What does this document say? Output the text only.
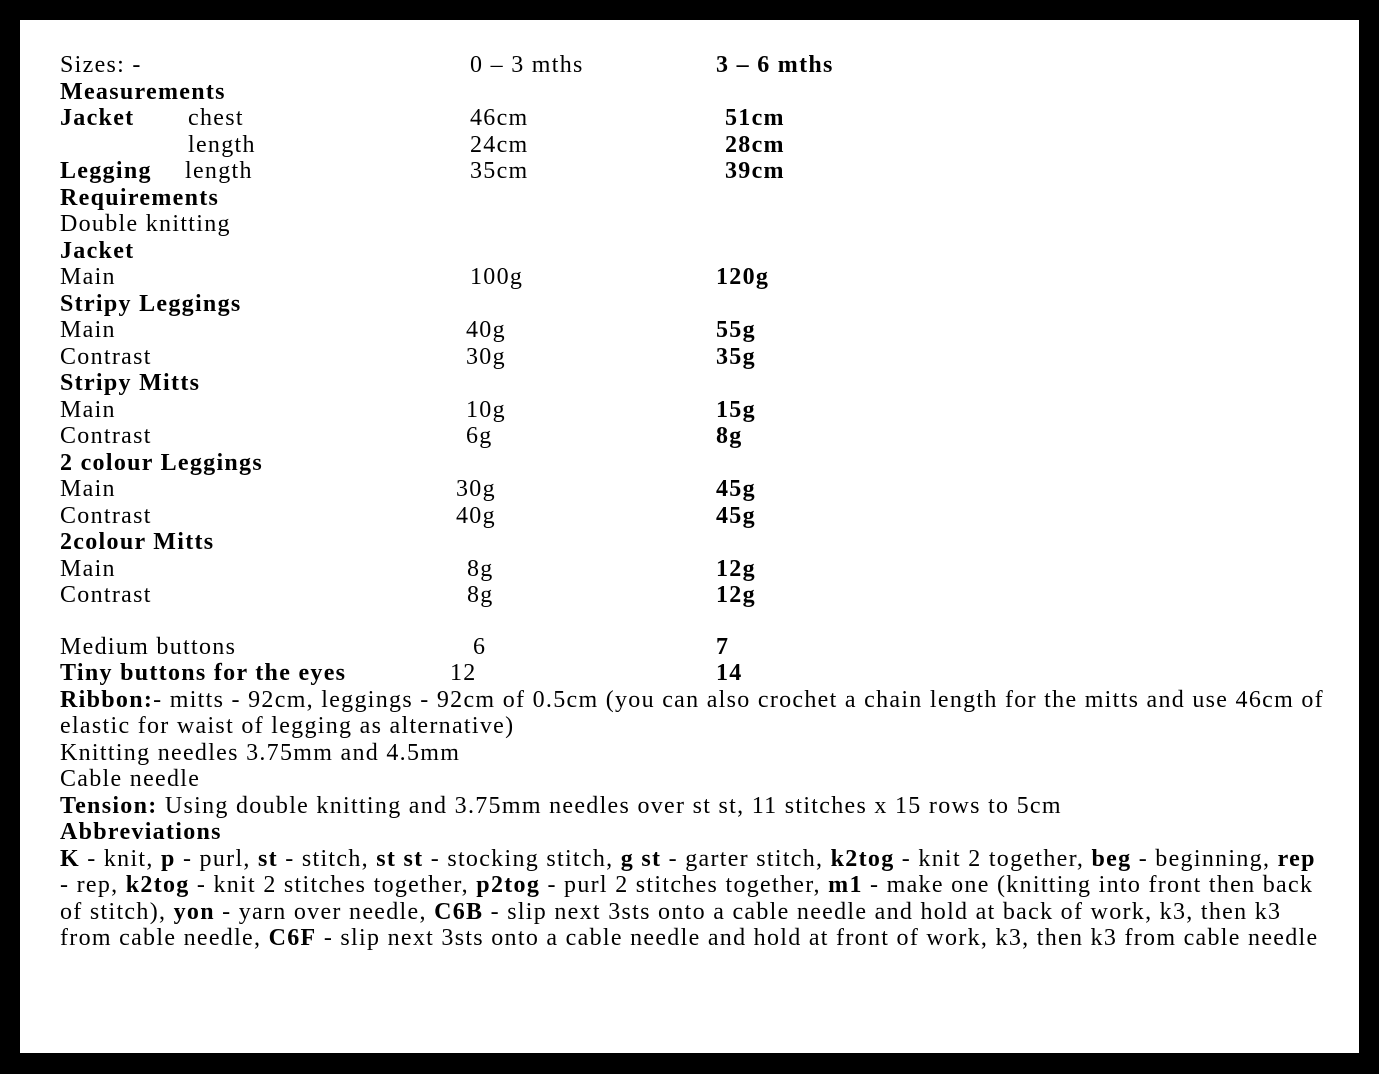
Sizes: -	0 – 3 mths	3 – 6 mths
Measurements
Jacket chest	46cm	51cm
length	24cm	28cm
Legging length	35cm	39cm
Requirements
Double knitting
Jacket
Main	100g	120g
Stripy Leggings
Main	40g	55g
Contrast	30g	35g
Stripy Mitts
Main	10g	15g
Contrast	6g	8g
2 colour Leggings
Main	30g	45g
Contrast	40g	45g
2colour Mitts
Main	8g	12g
Contrast	8g	12g
Medium buttons	6	7
Tiny buttons for the eyes	12	14
Ribbon:- mitts - 92cm, leggings - 92cm of 0.5cm (you can also crochet a chain length for the mitts and use 46cm of elastic for waist of legging as alternative)
Knitting needles 3.75mm and 4.5mm
Cable needle
Tension: Using double knitting and 3.75mm needles over st st, 11 stitches x 15 rows to 5cm
Abbreviations
K - knit, p - purl, st - stitch, st st - stocking stitch, g st - garter stitch, k2tog - knit 2 together, beg - beginning, rep - rep, k2tog - knit 2 stitches together, p2tog - purl 2 stitches together, m1 - make one (knitting into front then back of stitch), yon - yarn over needle, C6B - slip next 3sts onto a cable needle and hold at back of work, k3, then k3 from cable needle, C6F - slip next 3sts onto a cable needle and hold at front of work, k3, then k3 from cable needle
